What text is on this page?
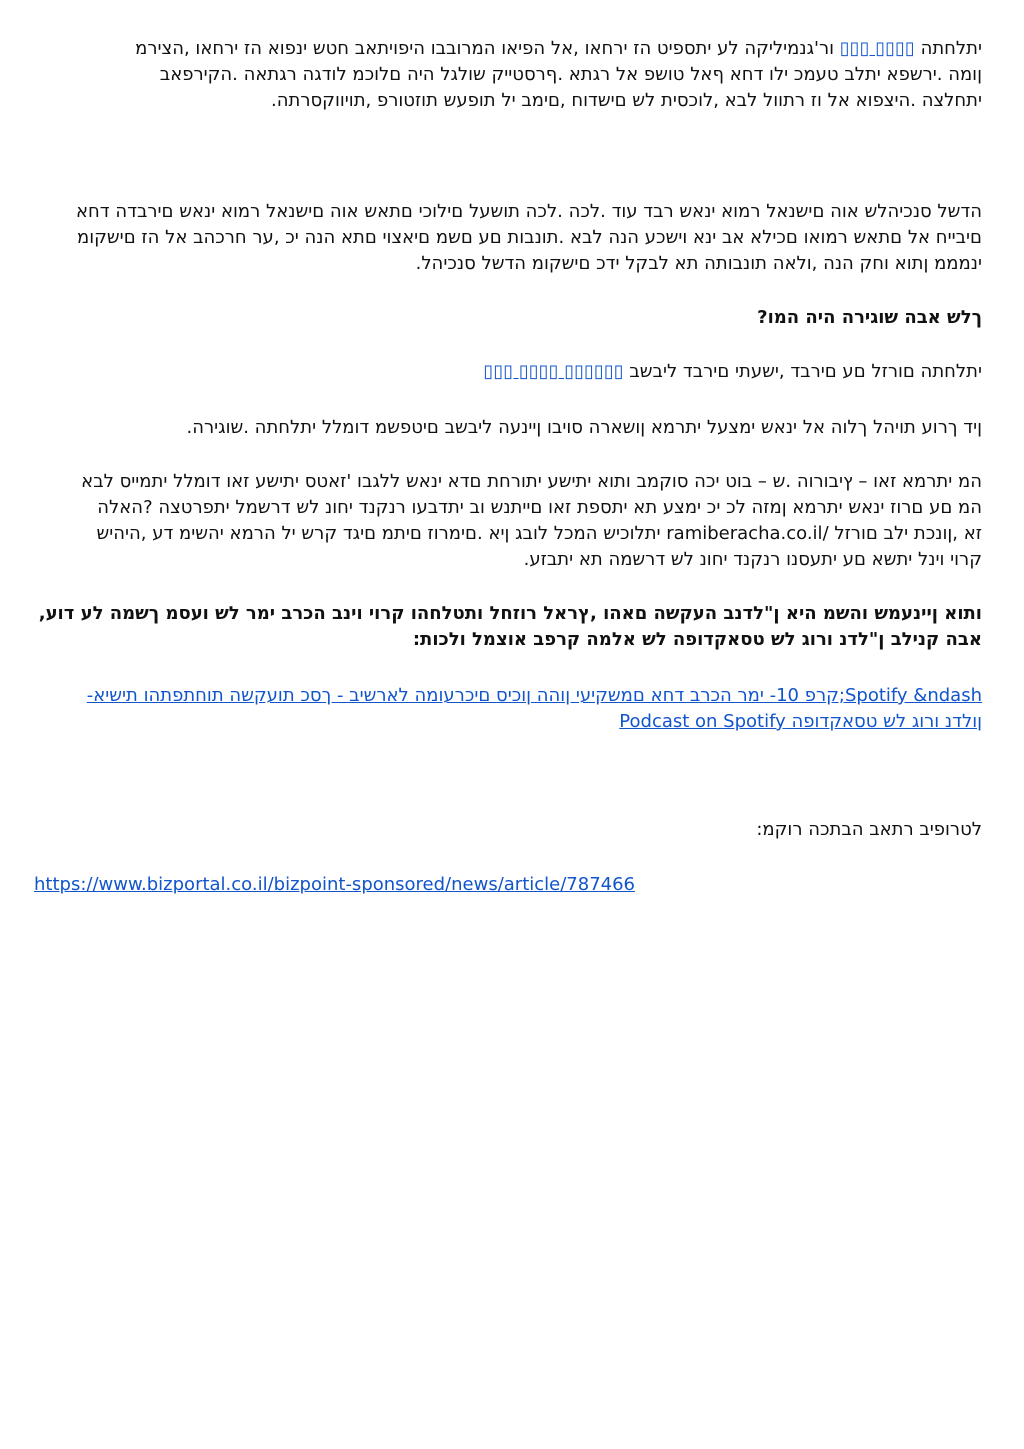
יתלחתה ▯▯▯▯ ▯▯▯ ור'גנמיליקה לע יתספיט הז ירחאו ,אל הפיאו המרובבו היפויתאב חטש ינפוא הז ירחאו ,הצירמ
ןומה .ירשפא יתלב טעמכ ילו דחא ףאל טושפ אל רגתא .ףרסטייק שולגל היה םלוכמ לודגה רגתאה .הקירפאב
יתחלצה .היצפוא אל וז רתוול לבא ,לוכסית לש םישדוח ,םימב יל תופעש תוזטורפ ,תויווקסרתה.
הדשל סנכיהלש אוה םישנאל רמוא ינאש רבד עוד .לכה .לכה תושעל םילוכי םתאש אוה םישנאל רמוא ינאש םירבדה דחא
םיבייח אל םתאש רמואו םכילא אב ינא וישכע הנה לבא .תונבות םע םשמ םיאצוי םתא הנה יכ ,ער חרכהב אל הז םישקומ
ינמממ ןתוא וחק הנה ,ולאה תונבותה תא לבקל ידכ םישקומ הדשל סנכיהל.
ךלש אבה שוגירה היה המו?
יתלחתה םורזל םע םירבד ,ישעתי םירבד ליבשב ▯▯▯▯▯▯ ▯▯▯▯ ▯▯▯
ןיד ךרוע תויהל ךלוה אל ינאש ימצעל יתרמא ןושארה סויבו ןיינעה ליבשב םיטפשמ דומלל יתלחתה .שוגירה.
המ יתרמא זאו – ץיבורוה .ש – בוט יכה סוקמב ותוא יתישע יתורחת םדא ינאש ללגבו 'זאטס יתישע זאו דומלל יתמייס לבא
המ םע םרוז ינאש יתרמא ןמזה לכ יכ ימצע תא יתספת זאו םייתנש וב יתדבעו רנקנד יחונ לש דרשמל יתפרטצה ?האלה
זא ,ןונכת ילב םורזל /ramiberacha.co.il יתלוכיש המכל לובג ןיא .םימרוז םיתמ םיגד קרש יל הרמא יהשימ דע ,היהיש
קרוי וינל יתשא םע יתעסנו רנקנד יחונ לש דרשמה תא יתבזע.
ותוא ןיינעמש והשמ היא ן"לדנב העקשה םאהו ,ץראל רוזחל ותטלחהו קרוי וינב הכרב ימר לש ועסמ ךשמה לע דוע,
אבה קנילב ן"לדנ ורוג לש טסאקדופה לש אלמה קרפב אוצמל ולכות:
Spotify &ndash;קרפ 10- ימר הכרב דחא םמשקיעי ןוהה ןוכיס םיכרעומה לארשיב - ךסכ תועקשה תוחתפתהו תישיא-
ןולדנ ורוג לש טסאקדופה Podcast on Spotify
לטרופיב רתאב הבתכה רוקמ:
https://www.bizportal.co.il/bizpoint-sponsored/news/article/787466
